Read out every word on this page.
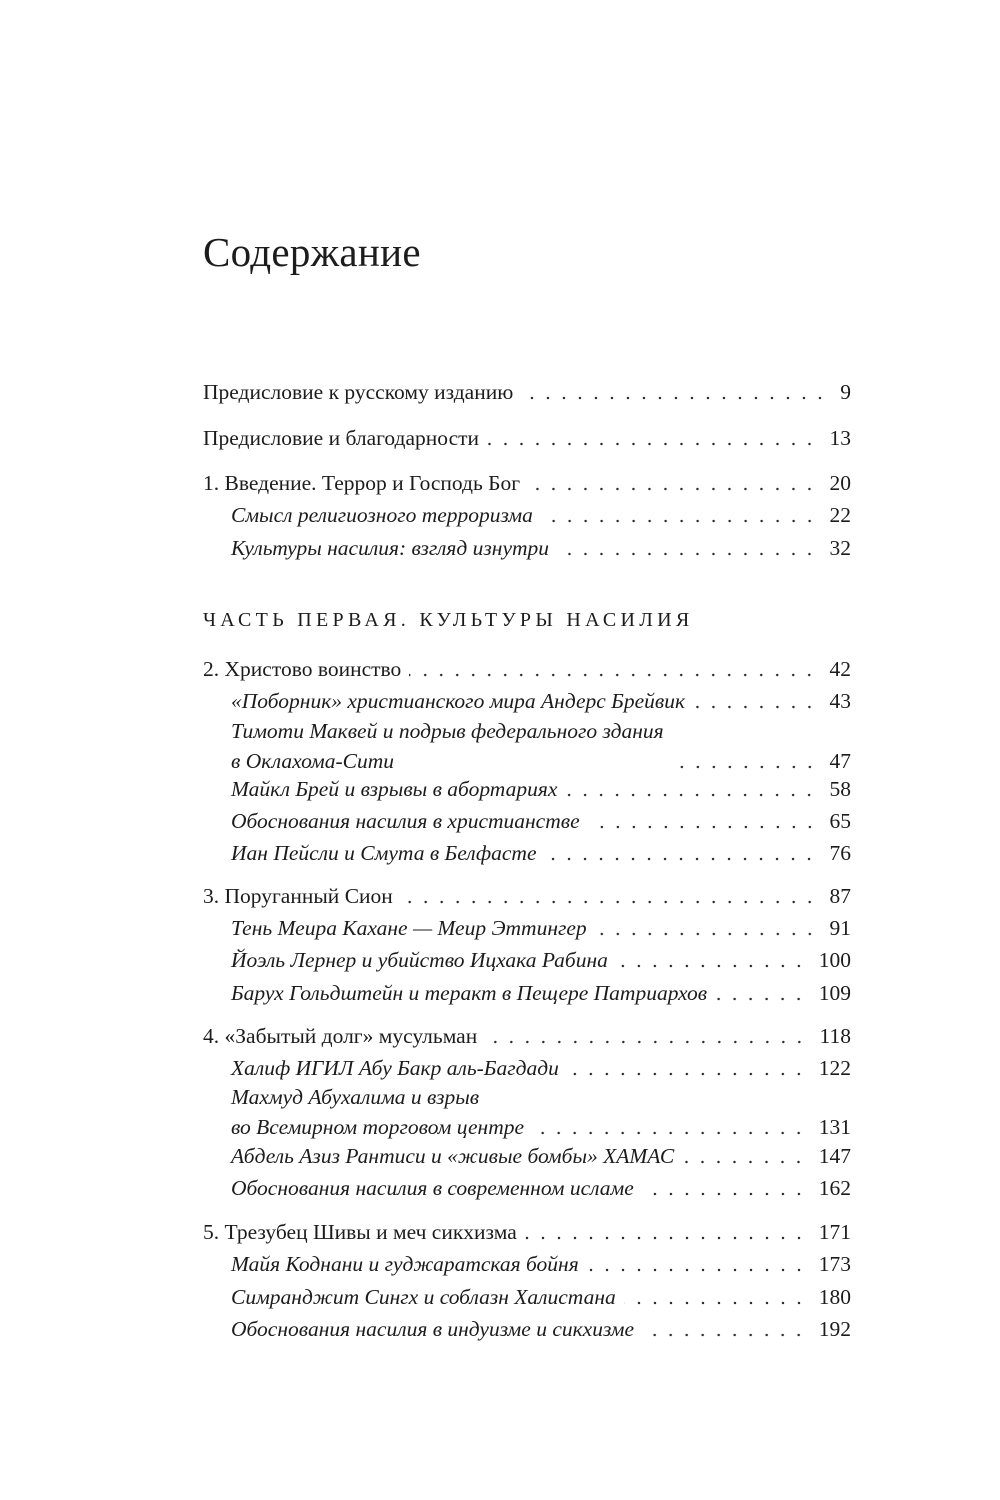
Содержание
Предисловие к русскому изданию	9
Предисловие и благодарности	13
1. Введение. Террор и Господь Бог	20
Смысл религиозного терроризма	22
Культуры насилия: взгляд изнутри	32
ЧАСТЬ ПЕРВАЯ. КУЛЬТУРЫ НАСИЛИЯ
2. Христово воинство	42
«Поборник» христианского мира Андерс Брейвик	43
Тимоти Маквей и подрыв федерального здания
в Оклахома-Сити	47
Майкл Брей и взрывы в абортариях	58
Обоснования насилия в христианстве	65
Иан Пейсли и Смута в Белфасте	76
3. Поруганный Сион	87
Тень Меира Кахане — Меир Эттингер	91
Йоэль Лернер и убийство Ицхака Рабина	100
Барух Гольдштейн и теракт в Пещере Патриархов	109
4. «Забытый долг» мусульман	118
Халиф ИГИЛ Абу Бакр аль-Багдади	122
Махмуд Абухалима и взрыв
во Всемирном торговом центре	131
Абдель Азиз Рантиси и «живые бомбы» ХАМАС	147
Обоснования насилия в современном исламе	162
5. Трезубец Шивы и меч сикхизма	171
Майя Коднани и гуджаратская бойня	173
Симранджит Сингх и соблазн Халистана	180
Обоснования насилия в индуизме и сикхизме	192
